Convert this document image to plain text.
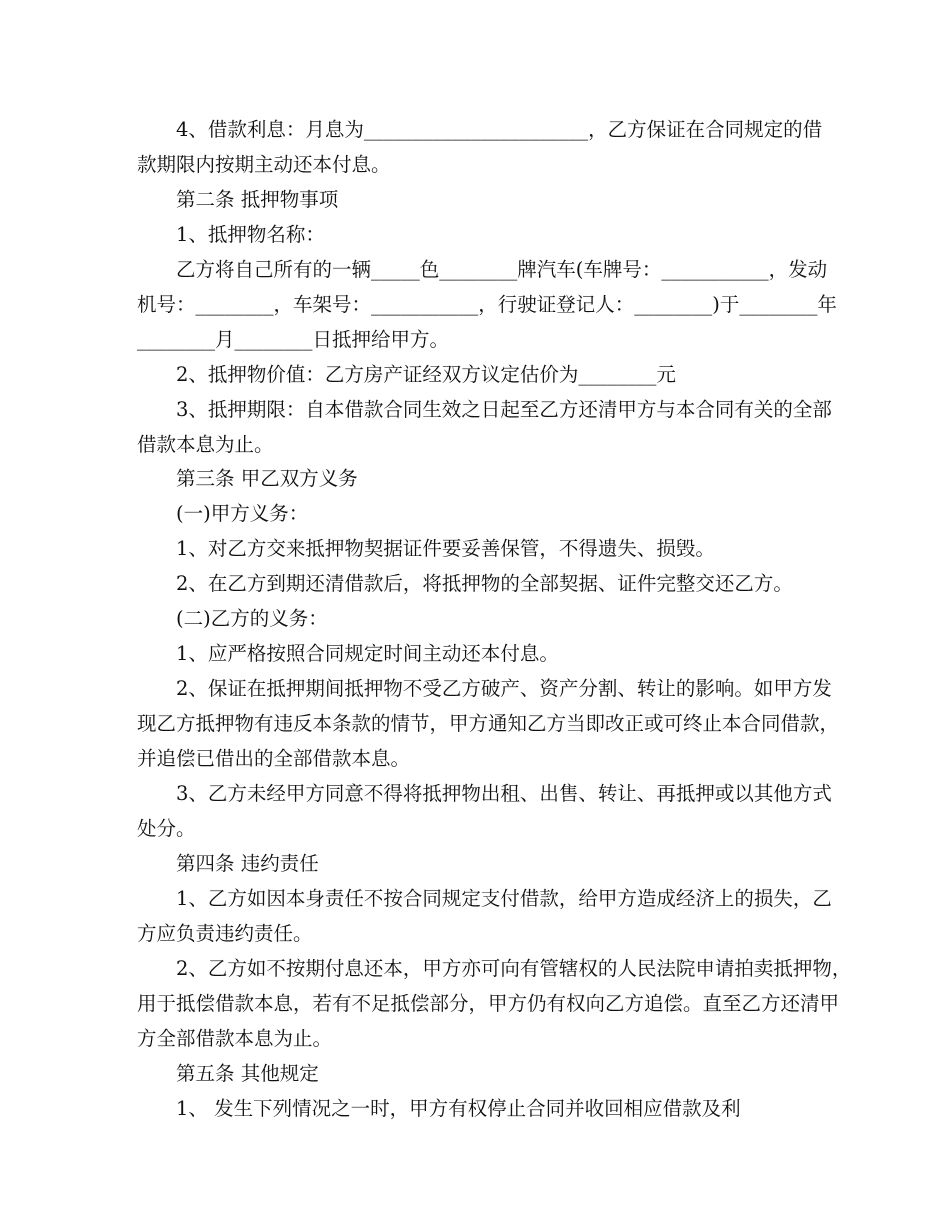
4、借款利息：月息为_______________________，乙方保证在合同规定的借
款期限内按期主动还本付息。
第二条 抵押物事项
1、抵押物名称：
乙方将自己所有的一辆_____色________牌汽车(车牌号：___________，发动
机号：________，车架号：___________，行驶证登记人：________)于________年
________月________日抵押给甲方。
2、抵押物价值：乙方房产证经双方议定估价为________元
3、抵押期限：自本借款合同生效之日起至乙方还清甲方与本合同有关的全部
借款本息为止。
第三条 甲乙双方义务
(一)甲方义务：
1、对乙方交来抵押物契据证件要妥善保管，不得遗失、损毁。
2、在乙方到期还清借款后，将抵押物的全部契据、证件完整交还乙方。
(二)乙方的义务：
1、应严格按照合同规定时间主动还本付息。
2、保证在抵押期间抵押物不受乙方破产、资产分割、转让的影响。如甲方发
现乙方抵押物有违反本条款的情节，甲方通知乙方当即改正或可终止本合同借款，
并追偿已借出的全部借款本息。
3、乙方未经甲方同意不得将抵押物出租、出售、转让、再抵押或以其他方式
处分。
第四条 违约责任
1、乙方如因本身责任不按合同规定支付借款，给甲方造成经济上的损失，乙
方应负责违约责任。
2、乙方如不按期付息还本，甲方亦可向有管辖权的人民法院申请拍卖抵押物，
用于抵偿借款本息，若有不足抵偿部分，甲方仍有权向乙方追偿。直至乙方还清甲
方全部借款本息为止。
第五条 其他规定
1、 发生下列情况之一时，甲方有权停止合同并收回相应借款及利
